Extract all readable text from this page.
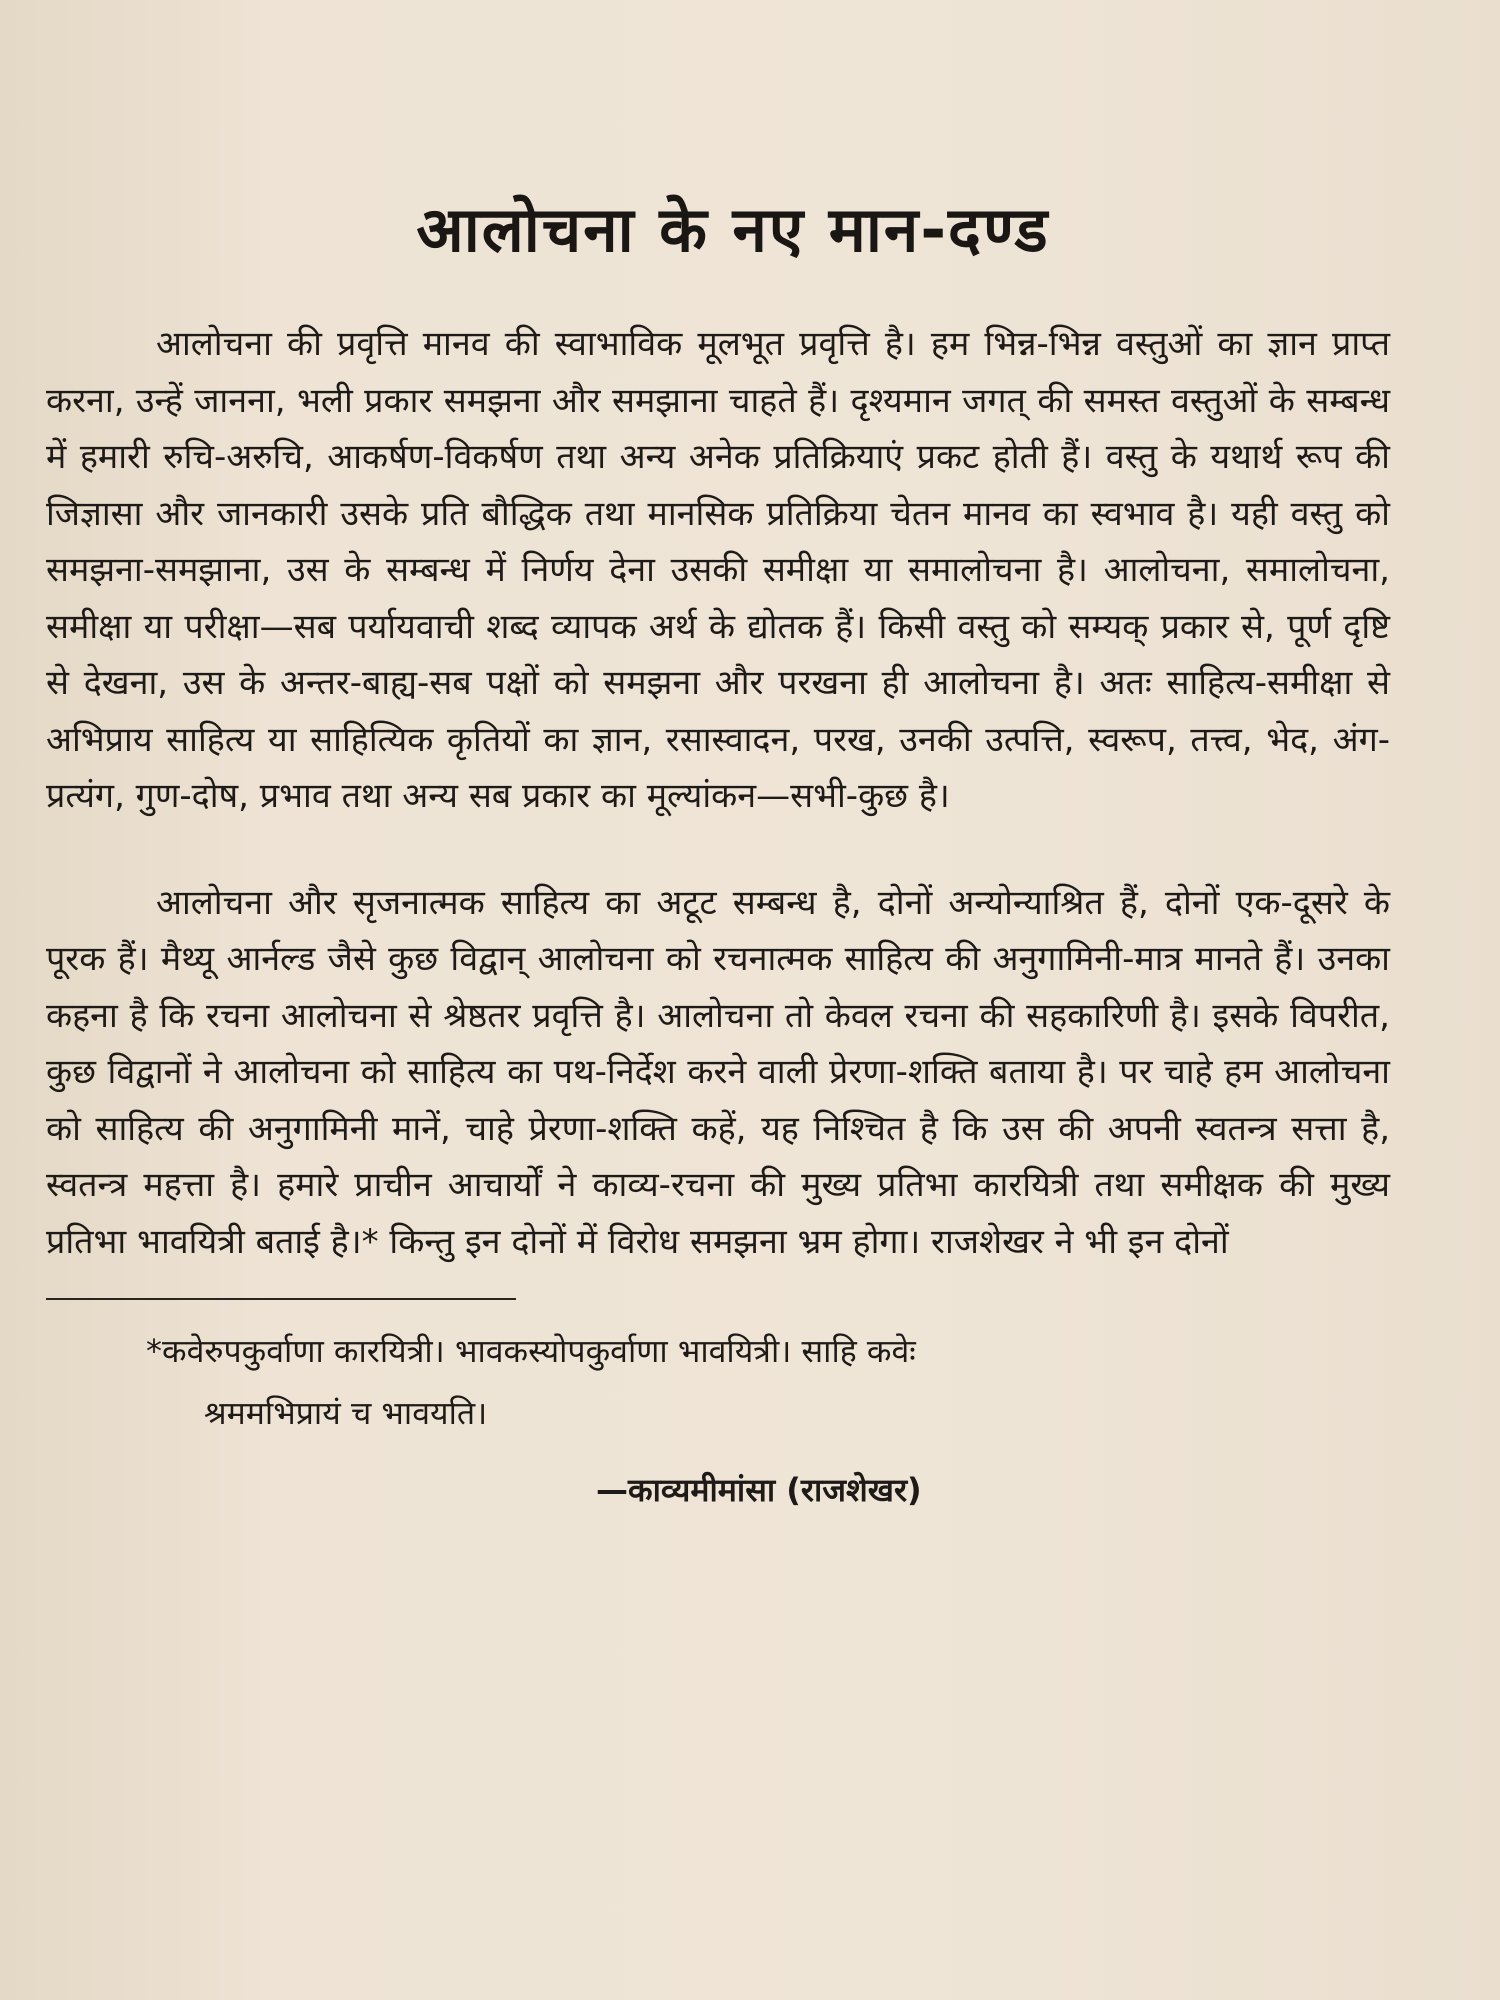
आलोचना के नए मान-दण्ड

आलोचना की प्रवृत्ति मानव की स्वाभाविक मूलभूत प्रवृत्ति है। हम भिन्न-भिन्न वस्तुओं का ज्ञान प्राप्त करना, उन्हें जानना, भली प्रकार समझना और समझाना चाहते हैं। दृश्यमान जगत् की समस्त वस्तुओं के सम्बन्ध में हमारी रुचि-अरुचि, आकर्षण-विकर्षण तथा अन्य अनेक प्रतिक्रियाएं प्रकट होती हैं। वस्तु के यथार्थ रूप की जिज्ञासा और जानकारी उसके प्रति बौद्धिक तथा मानसिक प्रतिक्रिया चेतन मानव का स्वभाव है। यही वस्तु को समझना-समझाना, उस के सम्बन्ध में निर्णय देना उसकी समीक्षा या समालोचना है। आलोचना, समालोचना, समीक्षा या परीक्षा—सब पर्यायवाची शब्द व्यापक अर्थ के द्योतक हैं। किसी वस्तु को सम्यक् प्रकार से, पूर्ण दृष्टि से देखना, उस के अन्तर-बाह्य-सब पक्षों को समझना और परखना ही आलोचना है। अतः साहित्य-समीक्षा से अभिप्राय साहित्य या साहित्यिक कृतियों का ज्ञान, रसास्वादन, परख, उनकी उत्पत्ति, स्वरूप, तत्त्व, भेद, अंग-प्रत्यंग, गुण-दोष, प्रभाव तथा अन्य सब प्रकार का मूल्यांकन—सभी-कुछ है।

आलोचना और सृजनात्मक साहित्य का अटूट सम्बन्ध है, दोनों अन्योन्याश्रित हैं, दोनों एक-दूसरे के पूरक हैं। मैथ्यू आर्नल्ड जैसे कुछ विद्वान् आलोचना को रचनात्मक साहित्य की अनुगामिनी-मात्र मानते हैं। उनका कहना है कि रचना आलोचना से श्रेष्ठतर प्रवृत्ति है। आलोचना तो केवल रचना की सहकारिणी है। इसके विपरीत, कुछ विद्वानों ने आलोचना को साहित्य का पथ-निर्देश करने वाली प्रेरणा-शक्ति बताया है। पर चाहे हम आलोचना को साहित्य की अनुगामिनी मानें, चाहे प्रेरणा-शक्ति कहें, यह निश्चित है कि उस की अपनी स्वतन्त्र सत्ता है, स्वतन्त्र महत्ता है। हमारे प्राचीन आचार्यों ने काव्य-रचना की मुख्य प्रतिभा कारयित्री तथा समीक्षक की मुख्य प्रतिभा भावयित्री बताई है।* किन्तु इन दोनों में विरोध समझना भ्रम होगा। राजशेखर ने भी इन दोनों

*कवेरुपकुर्वाणा कारयित्री। भावकस्योपकुर्वाणा भावयित्री। साहि कवेः
श्रममभिप्रायं च भावयति।

—काव्यमीमांसा (राजशेखर)
